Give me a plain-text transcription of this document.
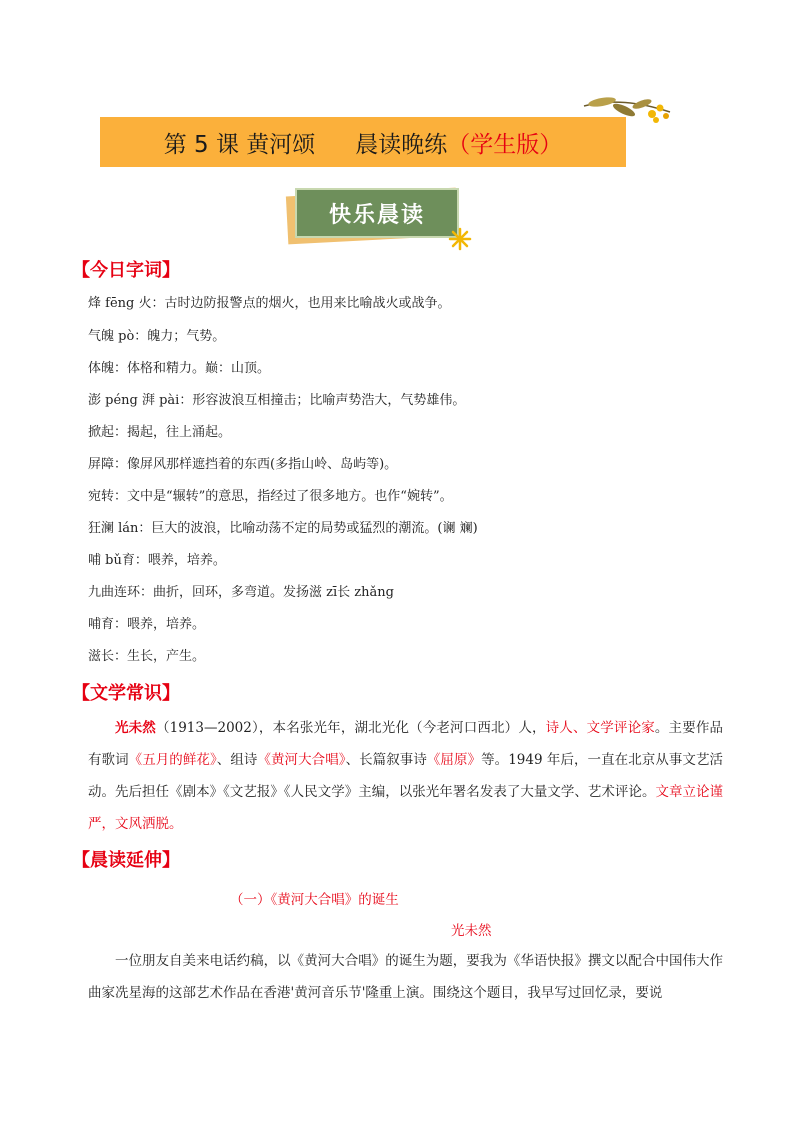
第 5 课 黄河颂 晨读晚练 （学生版）
快乐晨读
【今日字词】
烽 fēng 火：古时边防报警点的烟火，也用来比喻战火或战争。
气魄 pò：魄力；气势。
体魄：体格和精力。巅：山顶。
澎 péng 湃 pài：形容波浪互相撞击；比喻声势浩大，气势雄伟。
掀起：揭起，往上涌起。
屏障：像屏风那样遮挡着的东西(多指山岭、岛屿等)。
宛转：文中是“辗转”的意思，指经过了很多地方。也作“婉转”。
狂澜 lán：巨大的波浪，比喻动荡不定的局势或猛烈的潮流。(谰 斓)
哺 bǔ育：喂养，培养。
九曲连环：曲折，回环，多弯道。发扬滋 zī长 zhǎng
哺育：喂养，培养。
滋长：生长，产生。
【文学常识】

光未然（1913—2002），本名张光年，湖北光化（今老河口西北）人，诗人、文学评论家。主要作品有歌词《五月的鲜花》、组诗《黄河大合唱》、长篇叙事诗《屈原》等。1949 年后，一直在北京从事文艺活动。先后担任《剧本》《文艺报》《人民文学》主编，以张光年署名发表了大量文学、艺术评论。文章立论谨严，文风洒脱。

【晨读延伸】
（一）《黄河大合唱》的诞生
光未然

一位朋友自美来电话约稿，以《黄河大合唱》的诞生为题，要我为《华语快报》撰文以配合中国伟大作曲家冼星海的这部艺术作品在香港'黄河音乐节'隆重上演。围绕这个题目，我早写过回忆录，要说
